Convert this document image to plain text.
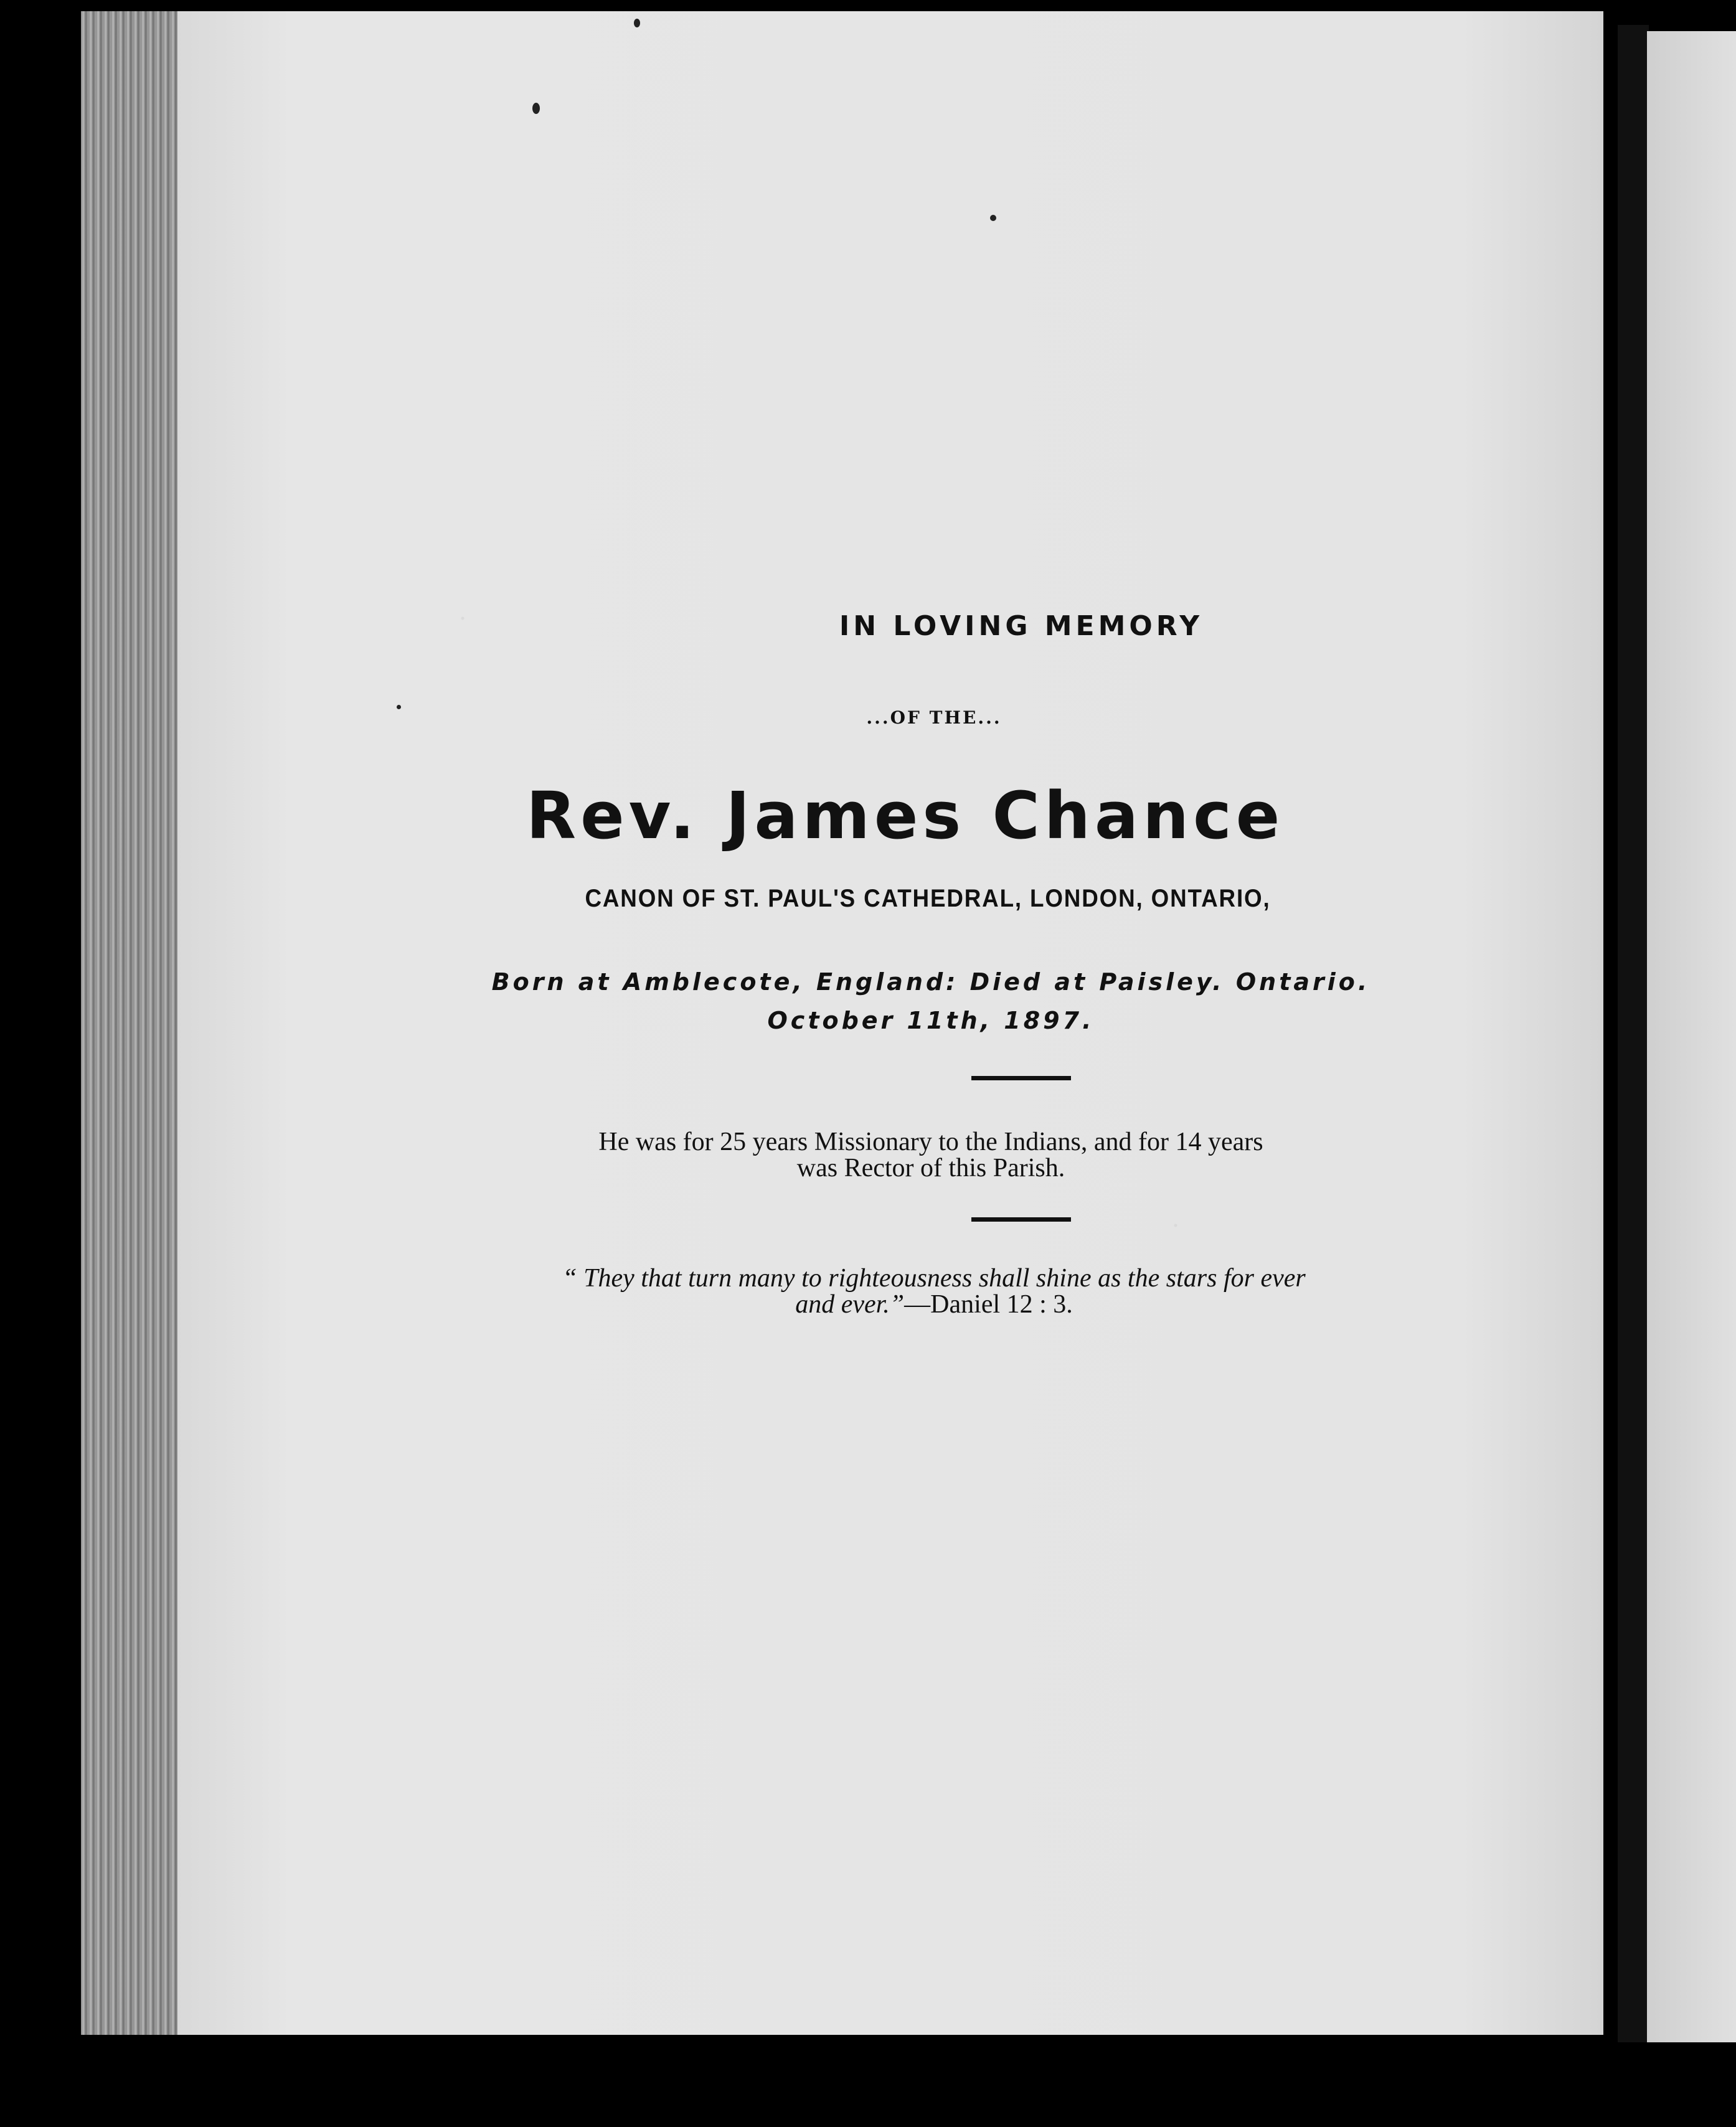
IN LOVING MEMORY
...OF THE...
Rev. James Chance
CANON OF ST. PAUL'S CATHEDRAL, LONDON, ONTARIO,
Born at Amblecote, England: Died at Paisley. Ontario.
October 11th, 1897.
He was for 25 years Missionary to the Indians, and for 14 years
was Rector of this Parish.
“ They that turn many to righteousness shall shine as the stars for ever
and ever.”—Daniel 12 : 3.
